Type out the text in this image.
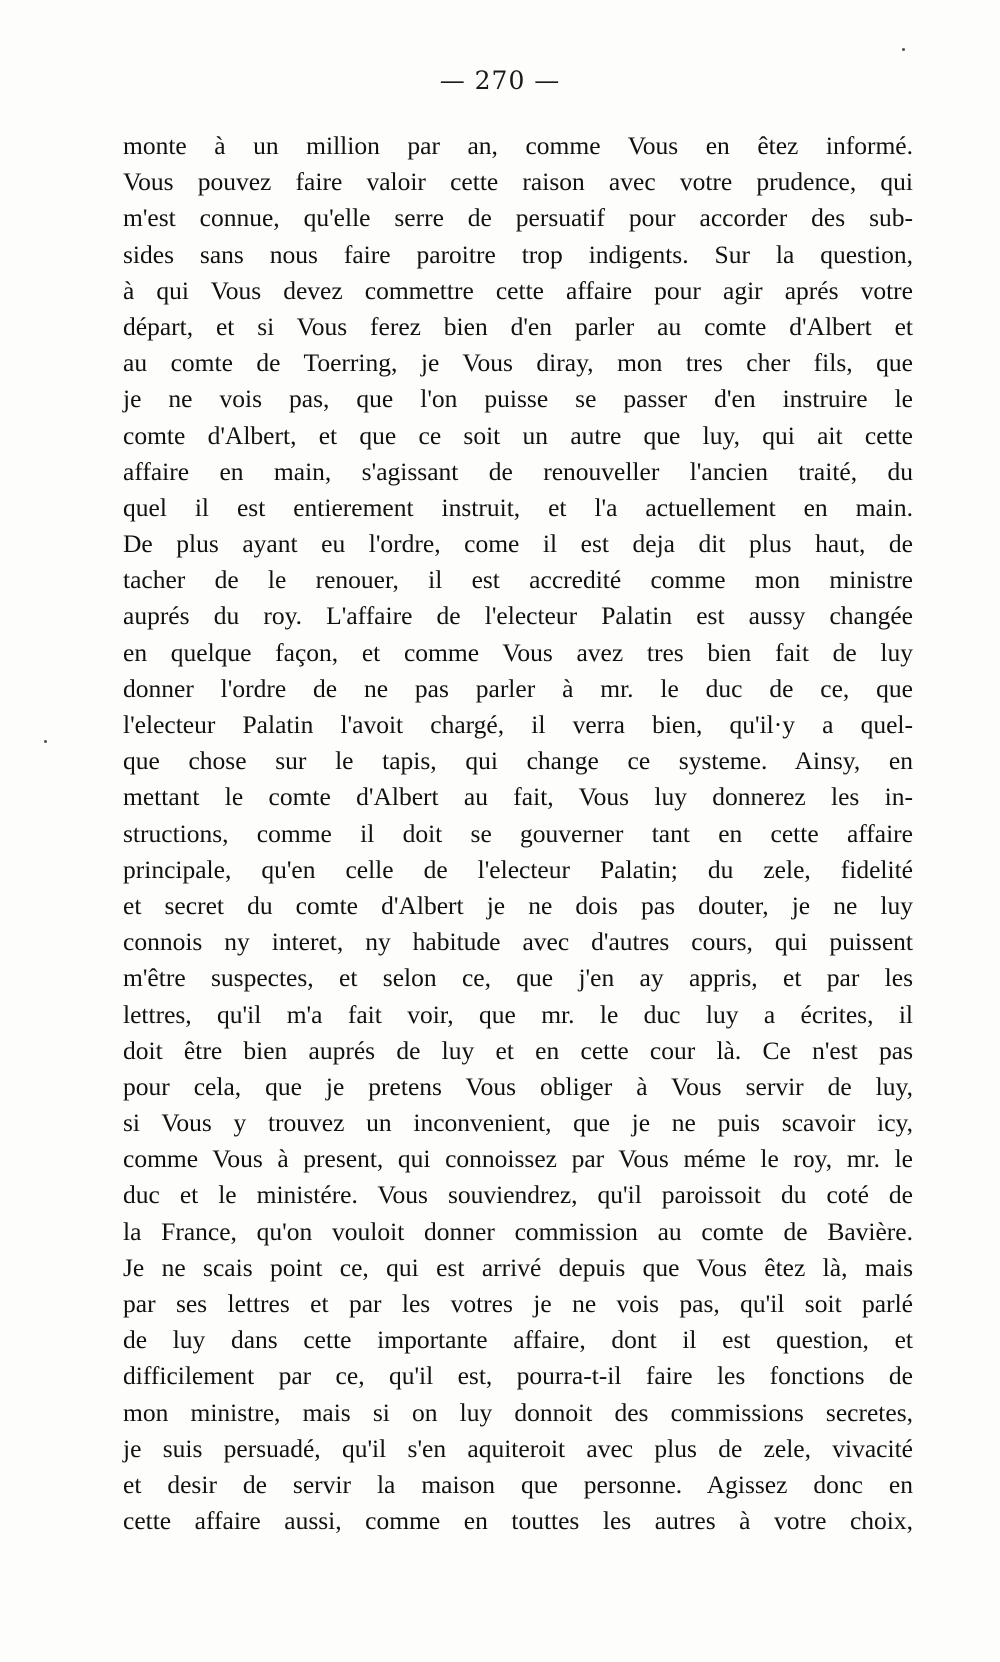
— 270 —
monte à un million par an, comme Vous en êtez informé.
Vous pouvez faire valoir cette raison avec votre prudence, qui
m'est connue, qu'elle serre de persuatif pour accorder des sub-
sides sans nous faire paroitre trop indigents. Sur la question,
à qui Vous devez commettre cette affaire pour agir aprés votre
départ, et si Vous ferez bien d'en parler au comte d'Albert et
au comte de Toerring, je Vous diray, mon tres cher fils, que
je ne vois pas, que l'on puisse se passer d'en instruire le
comte d'Albert, et que ce soit un autre que luy, qui ait cette
affaire en main, s'agissant de renouveller l'ancien traité, du
quel il est entierement instruit, et l'a actuellement en main.
De plus ayant eu l'ordre, come il est deja dit plus haut, de
tacher de le renouer, il est accredité comme mon ministre
auprés du roy. L'affaire de l'electeur Palatin est aussy changée
en quelque façon, et comme Vous avez tres bien fait de luy
donner l'ordre de ne pas parler à mr. le duc de ce, que
l'electeur Palatin l'avoit chargé, il verra bien, qu'il·y a quel-
que chose sur le tapis, qui change ce systeme. Ainsy, en
mettant le comte d'Albert au fait, Vous luy donnerez les in-
structions, comme il doit se gouverner tant en cette affaire
principale, qu'en celle de l'electeur Palatin; du zele, fidelité
et secret du comte d'Albert je ne dois pas douter, je ne luy
connois ny interet, ny habitude avec d'autres cours, qui puissent
m'être suspectes, et selon ce, que j'en ay appris, et par les
lettres, qu'il m'a fait voir, que mr. le duc luy a écrites, il
doit être bien auprés de luy et en cette cour là. Ce n'est pas
pour cela, que je pretens Vous obliger à Vous servir de luy,
si Vous y trouvez un inconvenient, que je ne puis scavoir icy,
comme Vous à present, qui connoissez par Vous méme le roy, mr. le
duc et le ministére. Vous souviendrez, qu'il paroissoit du coté de
la France, qu'on vouloit donner commission au comte de Bavière.
Je ne scais point ce, qui est arrivé depuis que Vous êtez là, mais
par ses lettres et par les votres je ne vois pas, qu'il soit parlé
de luy dans cette importante affaire, dont il est question, et
difficilement par ce, qu'il est, pourra-t-il faire les fonctions de
mon ministre, mais si on luy donnoit des commissions secretes,
je suis persuadé, qu'il s'en aquiteroit avec plus de zele, vivacité
et desir de servir la maison que personne. Agissez donc en
cette affaire aussi, comme en touttes les autres à votre choix,
